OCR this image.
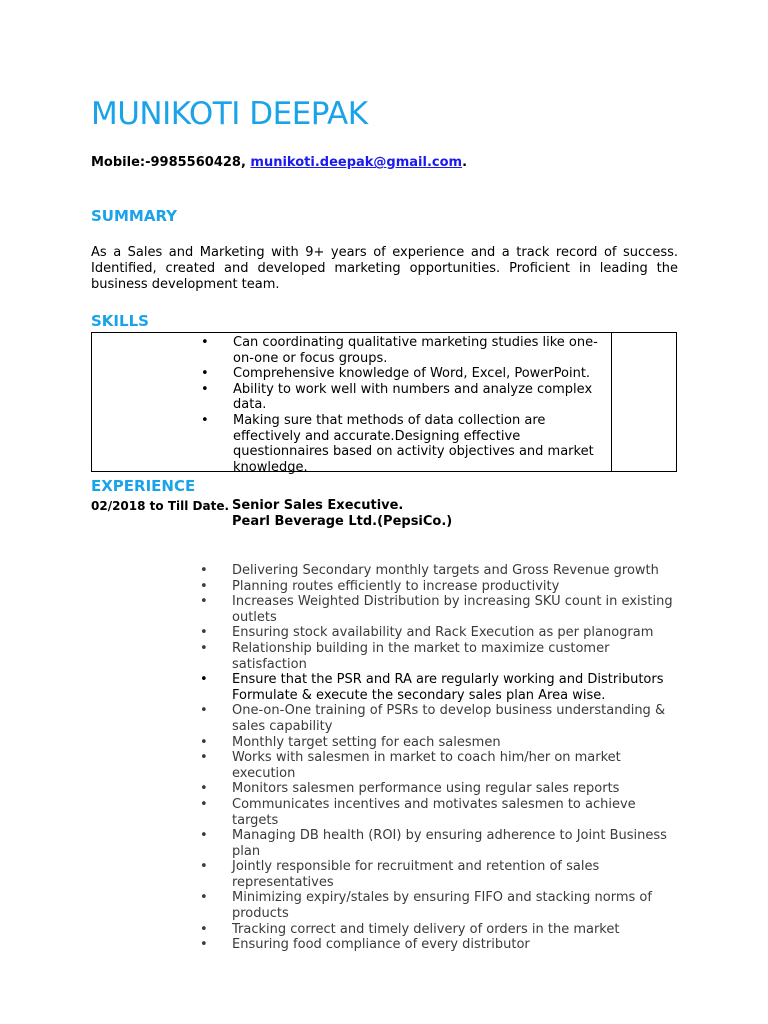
MUNIKOTI DEEPAK
Mobile:-9985560428, munikoti.deepak@gmail.com.
SUMMARY

As a Sales and Marketing with 9+ years of experience and a track record of success. Identified, created and developed marketing opportunities. Proficient in leading the business development team.

SKILLS
• Can coordinating qualitative marketing studies like one-on-one or focus groups.
• Comprehensive knowledge of Word, Excel, PowerPoint.
• Ability to work well with numbers and analyze complex data.
• Making sure that methods of data collection are effectively and accurate.Designing effective questionnaires based on activity objectives and market knowledge.
EXPERIENCE
02/2018 to Till Date. Senior Sales Executive.
Pearl Beverage Ltd.(PepsiCo.)
• Delivering Secondary monthly targets and Gross Revenue growth
• Planning routes efficiently to increase productivity
• Increases Weighted Distribution by increasing SKU count in existing outlets
• Ensuring stock availability and Rack Execution as per planogram
• Relationship building in the market to maximize customer satisfaction
• Ensure that the PSR and RA are regularly working and Distributors Formulate & execute the secondary sales plan Area wise.
• One-on-One training of PSRs to develop business understanding & sales capability
• Monthly target setting for each salesmen
• Works with salesmen in market to coach him/her on market execution
• Monitors salesmen performance using regular sales reports
• Communicates incentives and motivates salesmen to achieve targets
• Managing DB health (ROI) by ensuring adherence to Joint Business plan
• Jointly responsible for recruitment and retention of sales representatives
• Minimizing expiry/stales by ensuring FIFO and stacking norms of products
• Tracking correct and timely delivery of orders in the market
• Ensuring food compliance of every distributor
